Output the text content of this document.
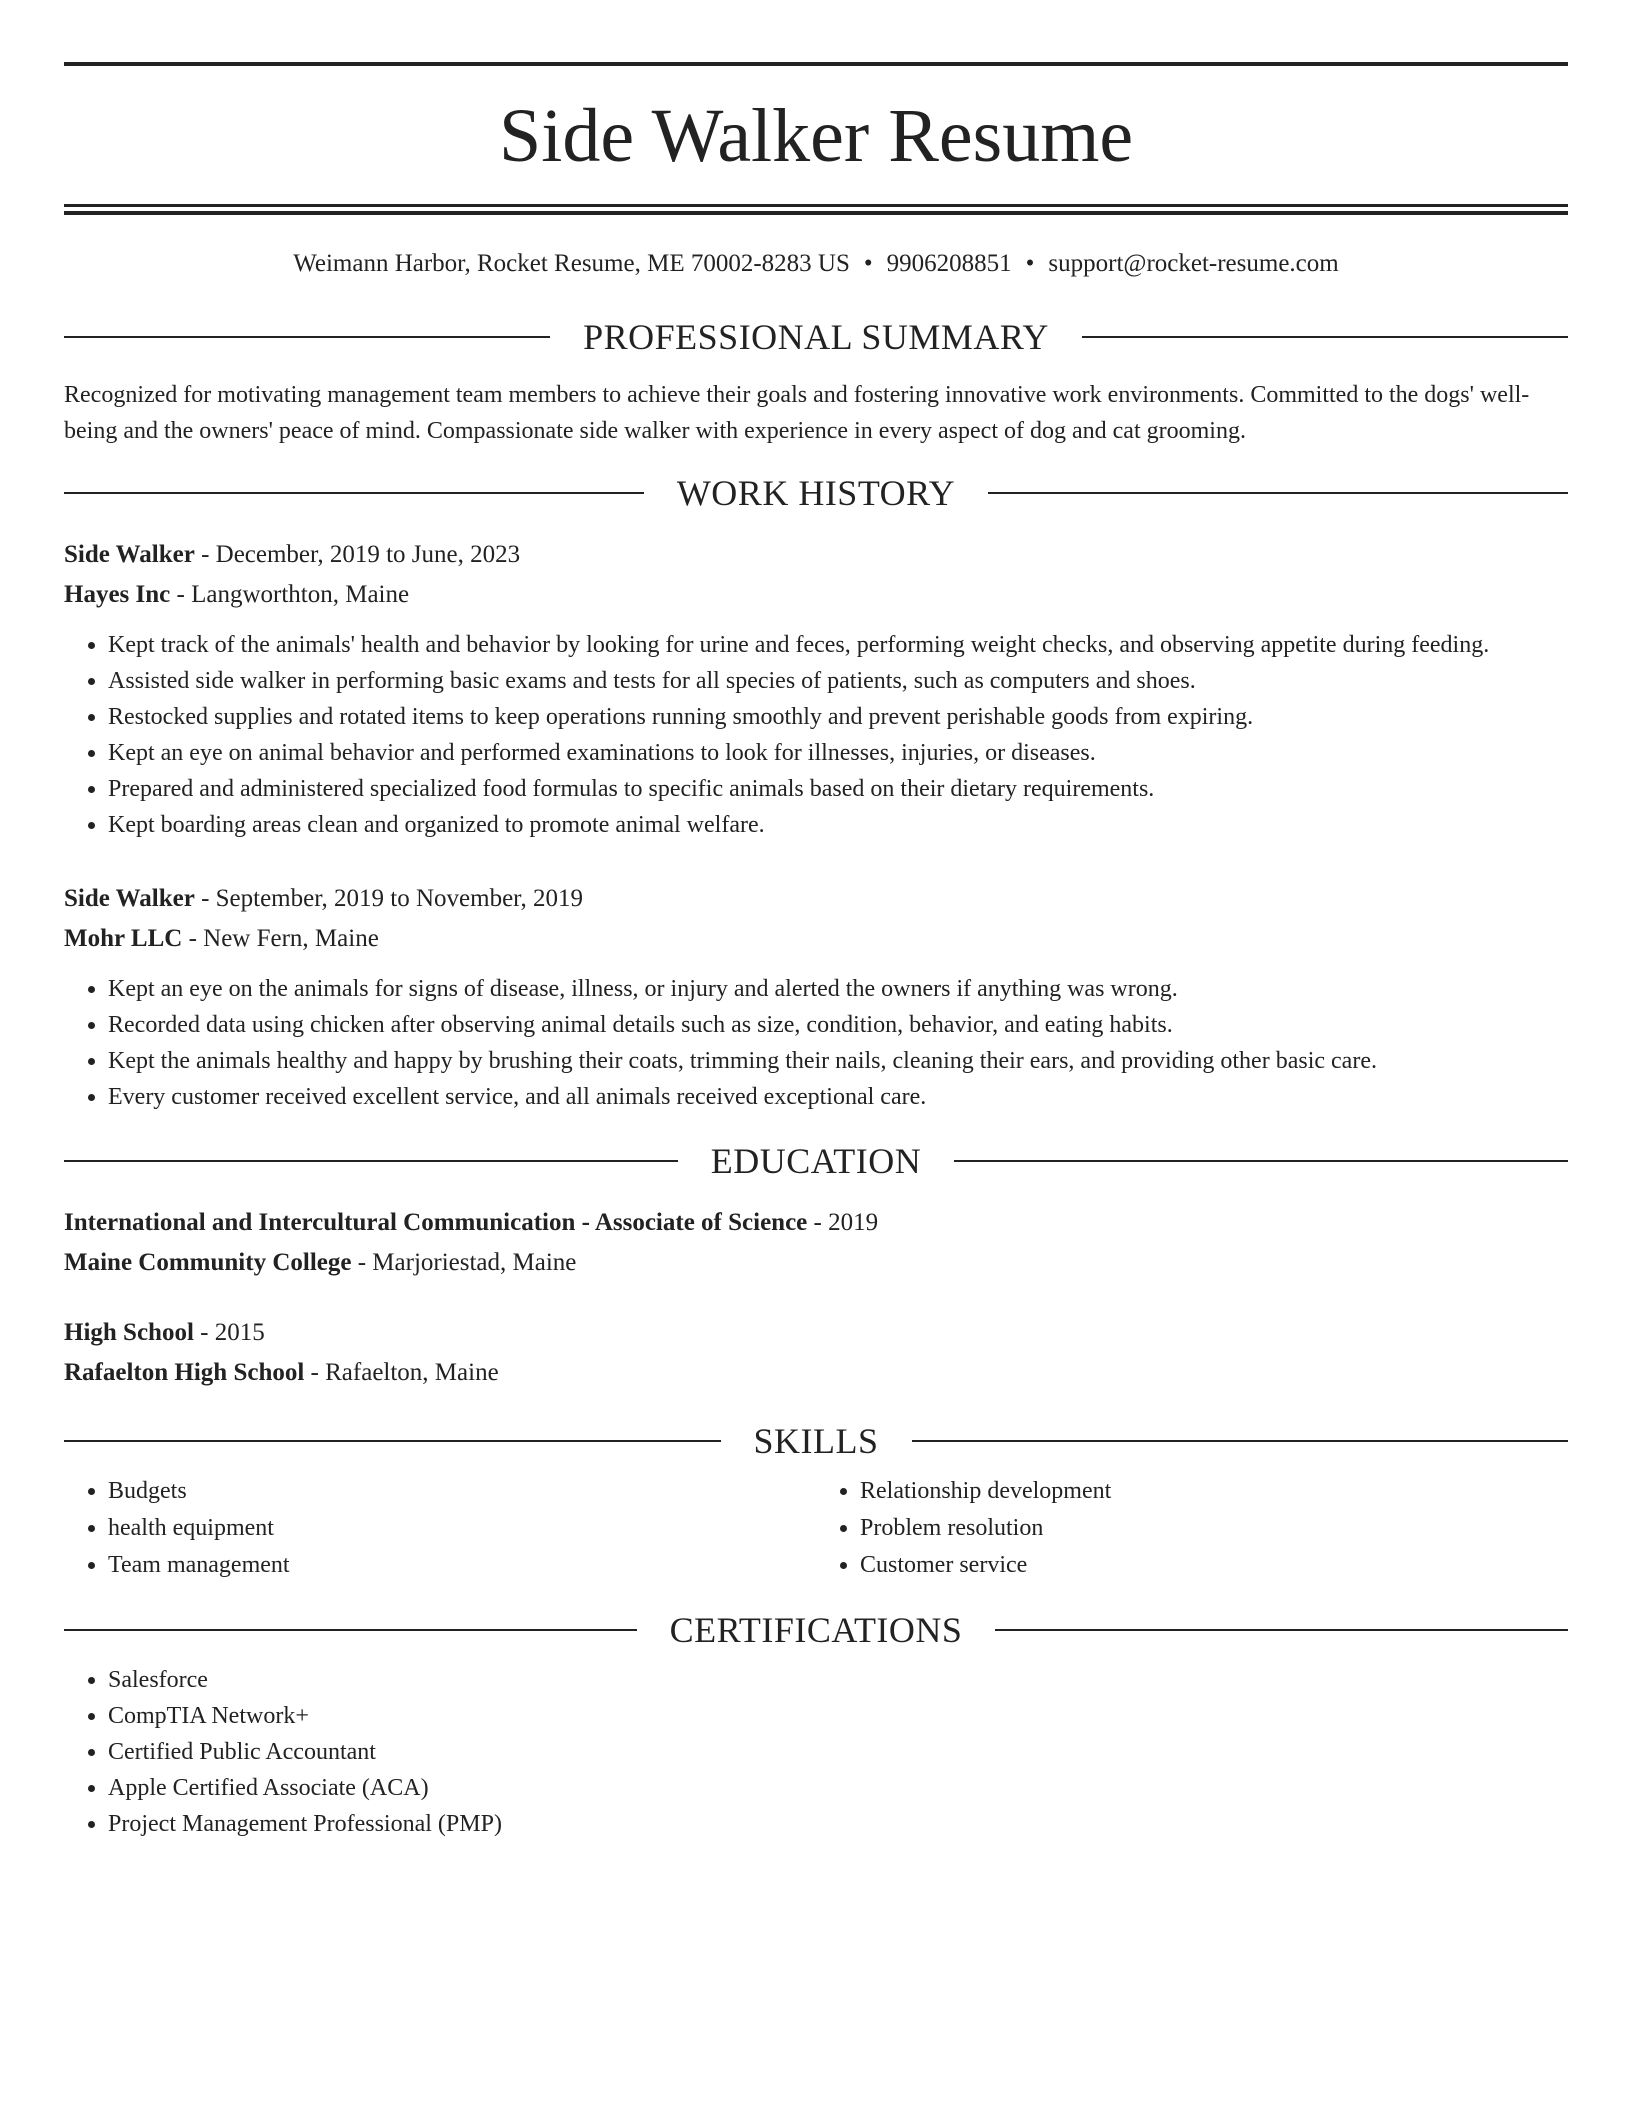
Side Walker Resume
Weimann Harbor, Rocket Resume, ME 70002-8283 US • 9906208851 • support@rocket-resume.com
PROFESSIONAL SUMMARY
Recognized for motivating management team members to achieve their goals and fostering innovative work environments. Committed to the dogs' well-being and the owners' peace of mind. Compassionate side walker with experience in every aspect of dog and cat grooming.
WORK HISTORY
Side Walker - December, 2019 to June, 2023
Hayes Inc - Langworthton, Maine
• Kept track of the animals' health and behavior by looking for urine and feces, performing weight checks, and observing appetite during feeding.
• Assisted side walker in performing basic exams and tests for all species of patients, such as computers and shoes.
• Restocked supplies and rotated items to keep operations running smoothly and prevent perishable goods from expiring.
• Kept an eye on animal behavior and performed examinations to look for illnesses, injuries, or diseases.
• Prepared and administered specialized food formulas to specific animals based on their dietary requirements.
• Kept boarding areas clean and organized to promote animal welfare.
Side Walker - September, 2019 to November, 2019
Mohr LLC - New Fern, Maine
• Kept an eye on the animals for signs of disease, illness, or injury and alerted the owners if anything was wrong.
• Recorded data using chicken after observing animal details such as size, condition, behavior, and eating habits.
• Kept the animals healthy and happy by brushing their coats, trimming their nails, cleaning their ears, and providing other basic care.
• Every customer received excellent service, and all animals received exceptional care.
EDUCATION
International and Intercultural Communication - Associate of Science - 2019
Maine Community College - Marjoriestad, Maine
High School - 2015
Rafaelton High School - Rafaelton, Maine
SKILLS
• Budgets
• health equipment
• Team management
• Relationship development
• Problem resolution
• Customer service
CERTIFICATIONS
• Salesforce
• CompTIA Network+
• Certified Public Accountant
• Apple Certified Associate (ACA)
• Project Management Professional (PMP)
